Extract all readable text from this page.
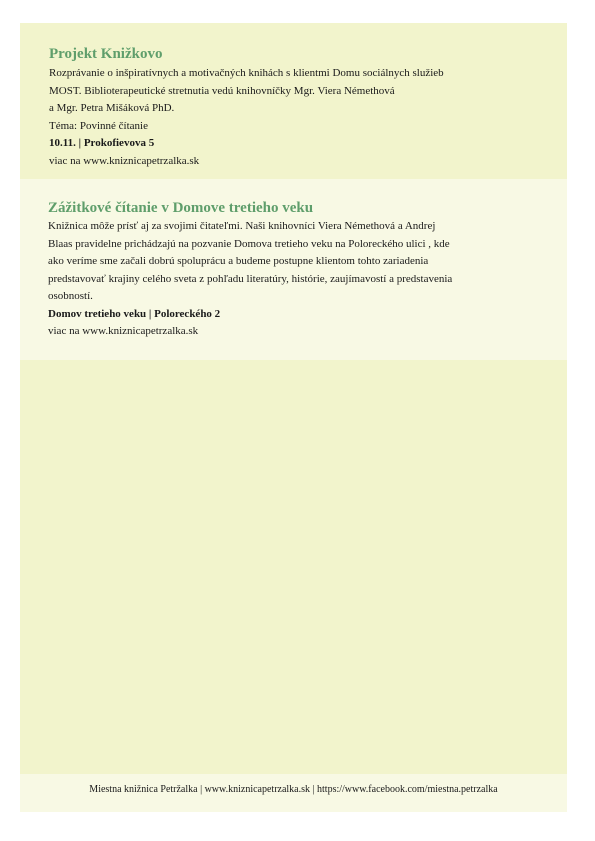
Projekt Knižkovo
Rozprávanie o inšpiratívnych a motivačných knihách s klientmi Domu sociálnych služieb
MOST. Biblioterapeutické stretnutia vedú knihovníčky Mgr. Viera Némethová
a Mgr. Petra Mišáková PhD.
Téma: Povinné čítanie
10.11. | Prokofievova 5
viac na www.kniznicapetrzalka.sk
Zážitkové čítanie v Domove tretieho veku
Knižnica môže prísť aj za svojimi čitateľmi. Naši knihovníci Viera Némethová a Andrej
Blaas pravidelne prichádzajú na pozvanie Domova tretieho veku na Poloreckého ulici , kde
ako veríme sme začali dobrú spoluprácu a budeme postupne klientom tohto zariadenia
predstavovať krajiny celého sveta z pohľadu literatúry, histórie, zaujímavostí a predstavenia
osobností.
Domov tretieho veku | Poloreckého 2
viac na www.kniznicapetrzalka.sk
Miestna knižnica Petržalka | www.kniznicapetrzalka.sk | https://www.facebook.com/miestna.petrzalka
